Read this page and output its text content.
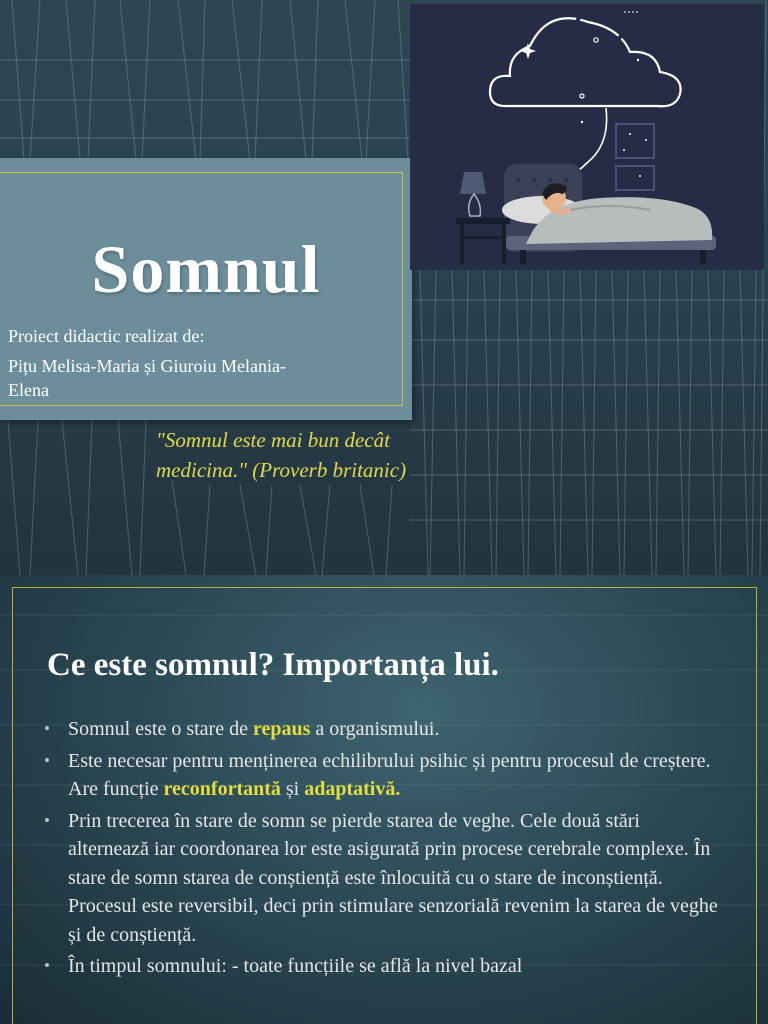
Somnul
Proiect didactic realizat de:
Pițu Melisa-Maria și Giuroiu Melania-
Elena
"Somnul este mai bun decât
medicina." (Proverb britanic)
Ce este somnul? Importanța lui.
• Somnul este o stare de repaus a organismului.
• Este necesar pentru menținerea echilibrului psihic și pentru procesul de creștere. Are funcție reconfortantă și adaptativă.
• Prin trecerea în stare de somn se pierde starea de veghe. Cele două stări alternează iar coordonarea lor este asigurată prin procese cerebrale complexe. În stare de somn starea de conștiență este înlocuită cu o stare de inconștiență. Procesul este reversibil, deci prin stimulare senzorială revenim la starea de veghe și de conștiență.
• În timpul somnului: - toate funcțiile se află la nivel bazal
